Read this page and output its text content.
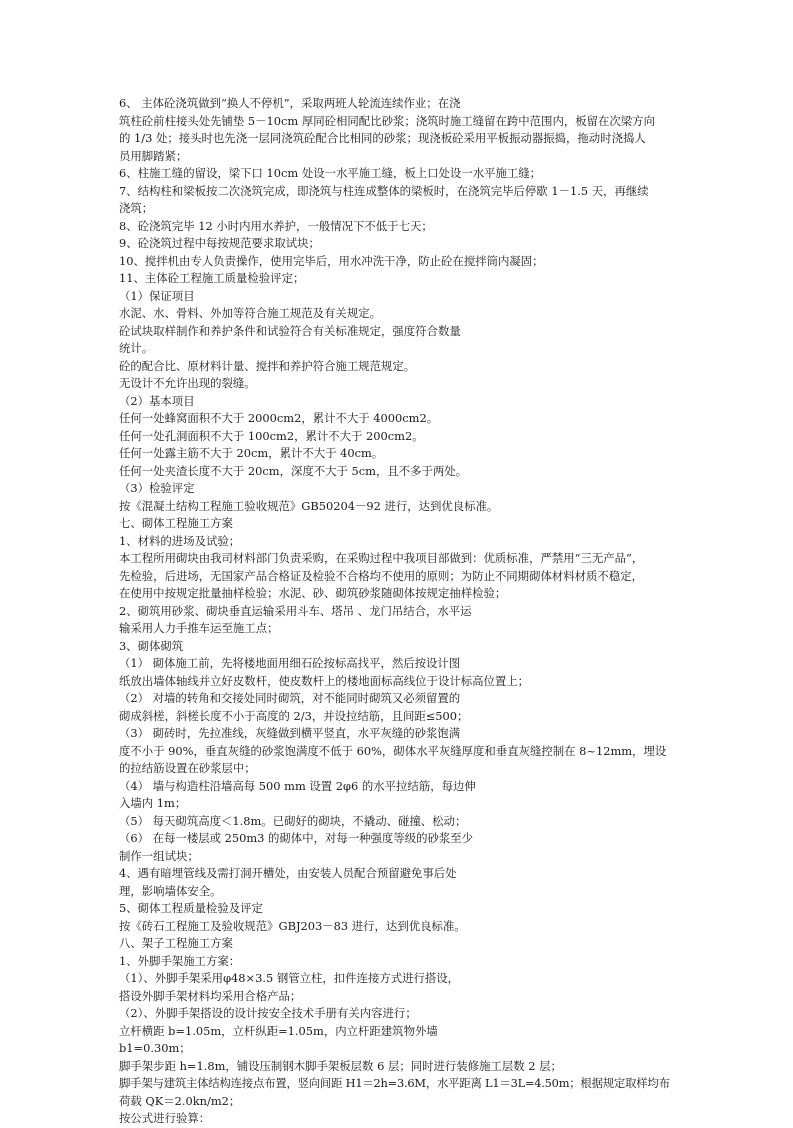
6、 主体砼浇筑做到“换人不停机”，采取两班人轮流连续作业；在浇
筑柱砼前柱接头处先铺垫 5－10cm 厚同砼相同配比砂浆；浇筑时施工缝留在跨中范围内，板留在次梁方向
的 1/3 处；接头时也先浇一层同浇筑砼配合比相同的砂浆；现浇板砼采用平板振动器振捣，拖动时浇捣人
员用脚踏紧；
6、柱施工缝的留设，梁下口 10cm 处设一水平施工缝，板上口处设一水平施工缝；
7、结构柱和梁板按二次浇筑完成，即浇筑与柱连成整体的梁板时，在浇筑完毕后停歇 1－1.5 天，再继续
浇筑；
8、砼浇筑完毕 12 小时内用水养护，一般情况下不低于七天；
9、砼浇筑过程中每按规范要求取试块；
10、搅拌机由专人负责操作，使用完毕后，用水冲洗干净，防止砼在搅拌筒内凝固；
11、主体砼工程施工质量检验评定；
（1）保证项目
水泥、水、骨料、外加等符合施工规范及有关规定。
砼试块取样制作和养护条件和试验符合有关标准规定，强度符合数量
统计。
砼的配合比、原材料计量、搅拌和养护符合施工规范规定。
无设计不允许出现的裂缝。
（2）基本项目
任何一处蜂窝面积不大于 2000cm2，累计不大于 4000cm2。
任何一处孔洞面积不大于 100cm2，累计不大于 200cm2。
任何一处露主筋不大于 20cm，累计不大于 40cm。
任何一处夹渣长度不大于 20cm，深度不大于 5cm，且不多于两处。
（3）检验评定
按《混凝土结构工程施工验收规范》GB50204－92 进行，达到优良标准。
七、砌体工程施工方案
1、材料的进场及试验；
本工程所用砌块由我司材料部门负责采购，在采购过程中我项目部做到：优质标准，严禁用“三无产品”，
先检验，后进场，无国家产品合格证及检验不合格均不使用的原则；为防止不同期砌体材料材质不稳定，
在使用中按规定批量抽样检验；水泥、砂、砌筑砂浆随砌体按规定抽样检验；
2、砌筑用砂浆、砌块垂直运输采用斗车、塔吊 、龙门吊结合，水平运
输采用人力手推车运至施工点；
3、砌体砌筑
（1） 砌体施工前，先将楼地面用细石砼按标高找平，然后按设计图
纸放出墙体轴线并立好皮数杆，使皮数杆上的楼地面标高线位于设计标高位置上；
（2） 对墙的转角和交接处同时砌筑，对不能同时砌筑又必须留置的
砌成斜槎，斜槎长度不小于高度的 2/3，并设拉结筋，且间距≤500；
（3） 砌砖时，先拉准线，灰缝做到横平竖直，水平灰缝的砂浆饱满
度不小于 90%，垂直灰缝的砂浆饱满度不低于 60%，砌体水平灰缝厚度和垂直灰缝控制在 8~12mm，埋设
的拉结筋设置在砂浆层中；
（4） 墙与构造柱沿墙高每 500 mm 设置 2φ6 的水平拉结筋，每边伸
入墙内 1m；
（5） 每天砌筑高度＜1.8m。已砌好的砌块，不撬动、碰撞、松动；
（6） 在每一楼层或 250m3 的砌体中，对每一种强度等级的砂浆至少
制作一组试块；
4、遇有暗埋管线及需打洞开槽处，由安装人员配合预留避免事后处
理，影响墙体安全。
5、砌体工程质量检验及评定
按《砖石工程施工及验收规范》GBJ203－83 进行，达到优良标准。
八、架子工程施工方案
1、外脚手架施工方案：
（1）、外脚手架采用φ48×3.5 钢管立柱，扣件连接方式进行搭设，
搭设外脚手架材料均采用合格产品；
（2）、外脚手架搭设的设计按安全技术手册有关内容进行；
立杆横距 b=1.05m，立杆纵距=1.05m，内立杆距建筑物外墙
b1=0.30m；
脚手架步距 h=1.8m，铺设压制钢木脚手架板层数 6 层；同时进行装修施工层数 2 层；
脚手架与建筑主体结构连接点布置，竖向间距 H1＝2h=3.6M，水平距离 L1＝3L=4.50m；根据规定取样均布
荷载 QK＝2.0kn/m2；
按公式进行验算：
